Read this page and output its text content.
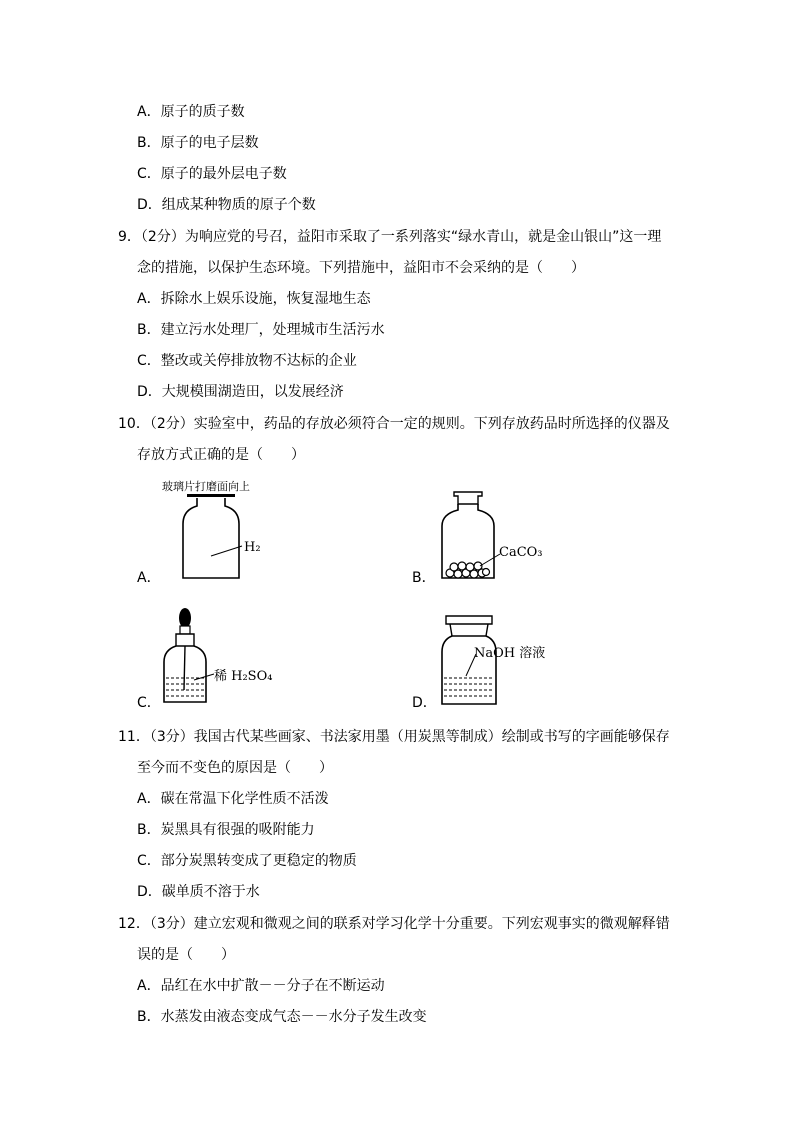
A．原子的质子数
B．原子的电子层数
C．原子的最外层电子数
D．组成某种物质的原子个数
9．（2分）为响应党的号召，益阳市采取了一系列落实“绿水青山，就是金山银山”这一理
念的措施，以保护生态环境。下列措施中，益阳市不会采纳的是（　　）
A．拆除水上娱乐设施，恢复湿地生态
B．建立污水处理厂，处理城市生活污水
C．整改或关停排放物不达标的企业
D．大规模围湖造田，以发展经济
10．（2分）实验室中，药品的存放必须符合一定的规则。下列存放药品时所选择的仪器及
存放方式正确的是（　　）
A．
玻璃片打磨面向上
H₂
B．
CaCO₃
C．
稀 H₂SO₄
D．
NaOH 溶液
11．（3分）我国古代某些画家、书法家用墨（用炭黑等制成）绘制或书写的字画能够保存
至今而不变色的原因是（　　）
A．碳在常温下化学性质不活泼
B．炭黑具有很强的吸附能力
C．部分炭黑转变成了更稳定的物质
D．碳单质不溶于水
12．（3分）建立宏观和微观之间的联系对学习化学十分重要。下列宏观事实的微观解释错
误的是（　　）
A．品红在水中扩散－－分子在不断运动
B．水蒸发由液态变成气态－－水分子发生改变
